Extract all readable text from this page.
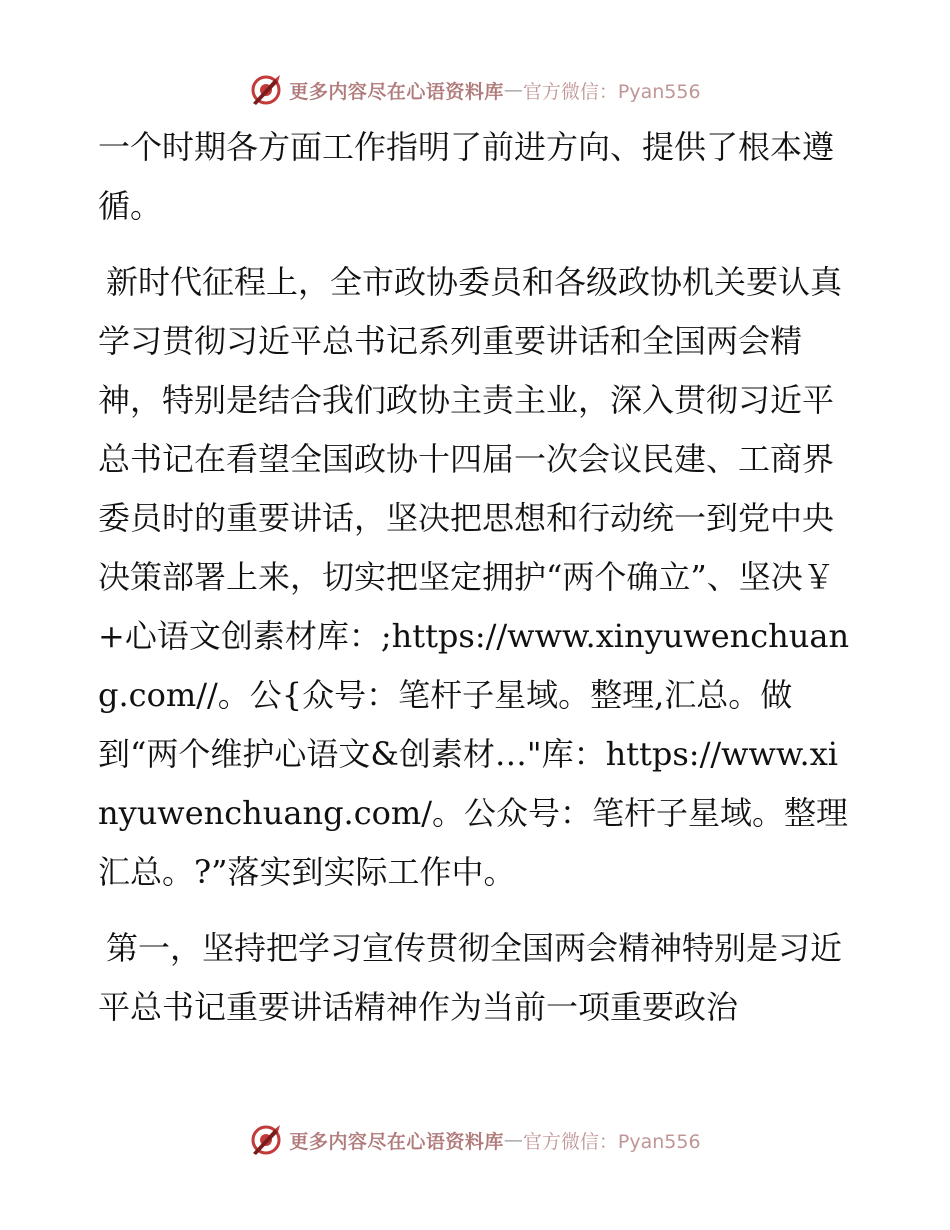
更多内容尽在心语资料库 — 官方微信：Pyan556

一个时期各方面工作指明了前进方向、提供了根本遵循。

新时代征程上，全市政协委员和各级政协机关要认真学习贯彻习近平总书记系列重要讲话和全国两会精神，特别是结合我们政协主责主业，深入贯彻习近平总书记在看望全国政协十四届一次会议民建、工商界委员时的重要讲话，坚决把思想和行动统一到党中央决策部署上来，切实把坚定拥护“两个确立”、坚决￥+心语文创素材库：;https://www.xinyuwenchuang.com//。公{众号：笔杆子星域。整理,汇总。做到“两个维护心语文&创素材…"库：https://www.xinyuwenchuang.com/。公众号：笔杆子星域。整理汇总。?”落实到实际工作中。

第一，坚持把学习宣传贯彻全国两会精神特别是习近平总书记重要讲话精神作为当前一项重要政治

更多内容尽在心语资料库 — 官方微信：Pyan556
